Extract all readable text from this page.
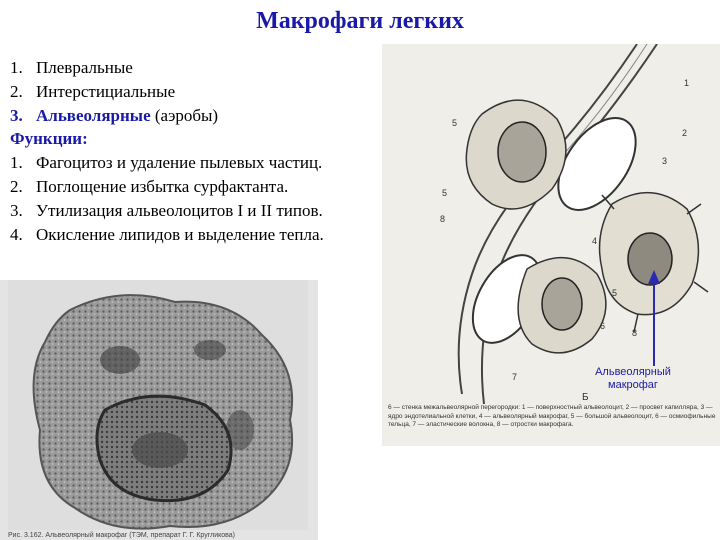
Макрофаги легких
1. Плевральные
2. Интерстициальные
3. Альвеолярные (аэробы)
Функции:
1. Фагоцитоз и удаление пылевых частиц.
2. Поглощение избытка сурфактанта.
3. Утилизация альвеолоцитов I и II типов.
4. Окисление липидов и выделение тепла.
Рис. 3.162. Альвеолярный макрофаг (ТЭМ, препарат Г. Г. Кругликова)
1
2
3
4
5
5
5
6
7
8
8
Б
Альвеолярный макрофаг
6 — стенка межальвеолярной перегородки: 1 — поверхностный альвеолоцит, 2 — просвет капилляра, 3 — ядро эндотелиальной клетки, 4 — альвеолярный макрофаг, 5 — большой альвеолоцит, 6 — осмиофильные тельца, 7 — эластические волокна, 8 — отростки макрофага.
